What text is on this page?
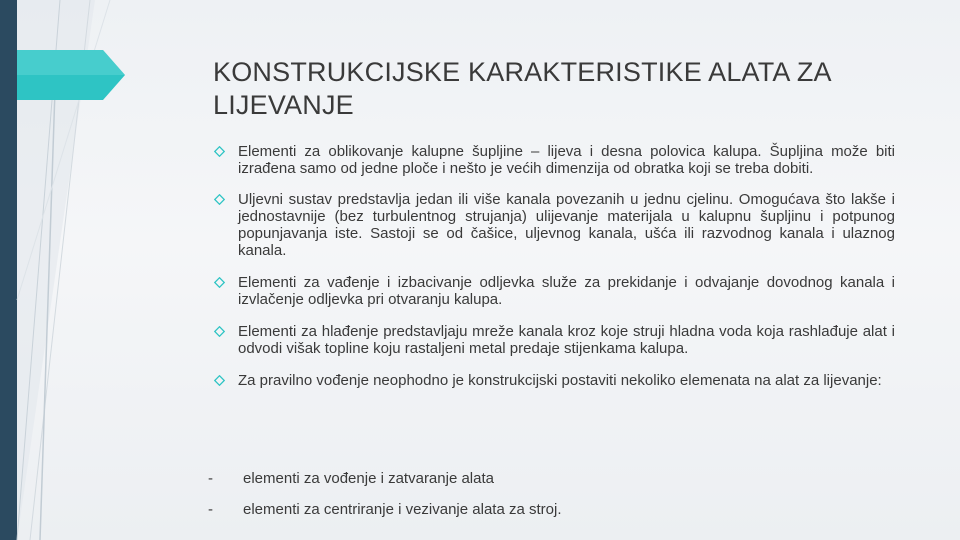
KONSTRUKCIJSKE KARAKTERISTIKE ALATA ZA LIJEVANJE
Elementi za oblikovanje kalupne šupljine – lijeva i desna polovica kalupa. Šupljina može biti izrađena samo od jedne ploče i nešto je većih dimenzija od obratka koji se treba dobiti.
Uljevni sustav predstavlja jedan ili više kanala povezanih u jednu cjelinu. Omogućava što lakše i jednostavnije (bez turbulentnog strujanja) ulijevanje materijala u kalupnu šupljinu i potpunog popunjavanja iste. Sastoji se od čašice, uljevnog kanala, ušća ili razvodnog kanala i ulaznog kanala.
Elementi za vađenje i izbacivanje odljevka služe za prekidanje i odvajanje dovodnog kanala i izvlačenje odljevka pri otvaranju kalupa.
Elementi za hlađenje predstavljaju mreže kanala kroz koje struji hladna voda koja rashlađuje alat i odvodi višak topline koju rastaljeni metal predaje stijenkama kalupa.
Za pravilno vođenje neophodno je konstrukcijski postaviti nekoliko elemenata na alat za lijevanje:
- elementi za vođenje i zatvaranje alata
- elementi za centriranje i vezivanje alata za stroj.
